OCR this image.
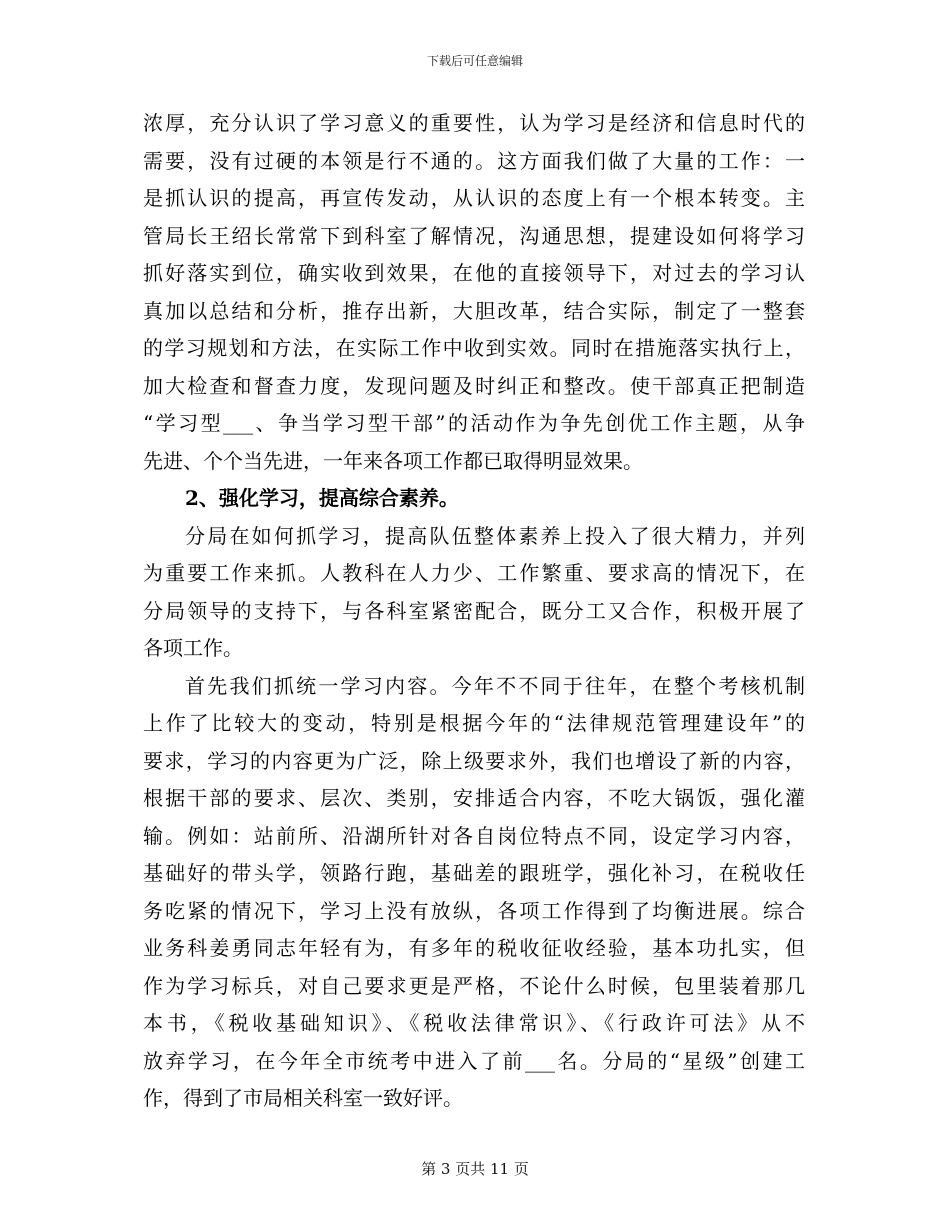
下载后可任意编辑
浓厚，充分认识了学习意义的重要性，认为学习是经济和信息时代的
需要，没有过硬的本领是行不通的。这方面我们做了大量的工作：一
是抓认识的提高，再宣传发动，从认识的态度上有一个根本转变。主
管局长王绍长常常下到科室了解情况，沟通思想，提建设如何将学习
抓好落实到位，确实收到效果，在他的直接领导下，对过去的学习认
真加以总结和分析，推存出新，大胆改革，结合实际，制定了一整套
的学习规划和方法，在实际工作中收到实效。同时在措施落实执行上，
加大检查和督查力度，发现问题及时纠正和整改。使干部真正把制造
“学习型___、争当学习型干部”的活动作为争先创优工作主题，从争
先进、个个当先进，一年来各项工作都已取得明显效果。
2、强化学习，提高综合素养。
分局在如何抓学习，提高队伍整体素养上投入了很大精力，并列
为重要工作来抓。人教科在人力少、工作繁重、要求高的情况下，在
分局领导的支持下，与各科室紧密配合，既分工又合作，积极开展了
各项工作。
首先我们抓统一学习内容。今年不不同于往年，在整个考核机制
上作了比较大的变动，特别是根据今年的“法律规范管理建设年”的
要求，学习的内容更为广泛，除上级要求外，我们也增设了新的内容，
根据干部的要求、层次、类别，安排适合内容，不吃大锅饭，强化灌
输。例如：站前所、沿湖所针对各自岗位特点不同，设定学习内容，
基础好的带头学，领路行跑，基础差的跟班学，强化补习，在税收任
务吃紧的情况下，学习上没有放纵，各项工作得到了均衡进展。综合
业务科姜勇同志年轻有为，有多年的税收征收经验，基本功扎实，但
作为学习标兵，对自己要求更是严格，不论什么时候，包里装着那几
本书，《税收基础知识》、《税收法律常识》、《行政许可法》从不
放弃学习，在今年全市统考中进入了前___名。分局的“星级”创建工
作，得到了市局相关科室一致好评。
第 3 页共 11 页
